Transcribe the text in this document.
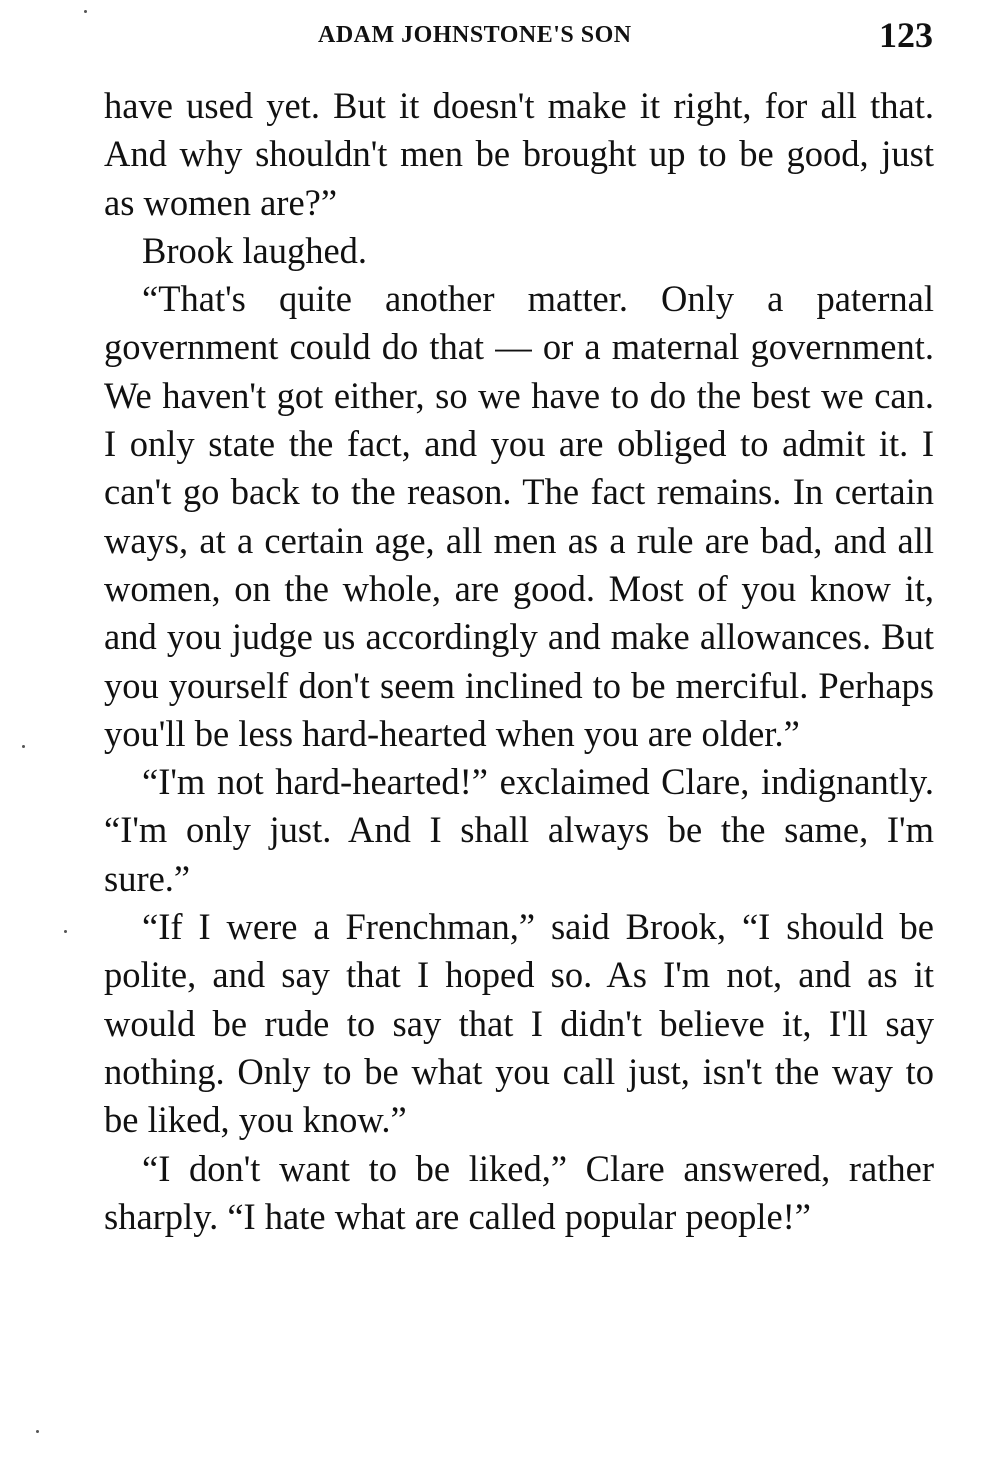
ADAM JOHNSTONE'S SON	123

have used yet. But it doesn't make it right, for all that. And why shouldn't men be brought up to be good, just as women are?”

Brook laughed.

“That's quite another matter. Only a paternal government could do that — or a maternal government. We haven't got either, so we have to do the best we can. I only state the fact, and you are obliged to admit it. I can't go back to the reason. The fact remains. In certain ways, at a certain age, all men as a rule are bad, and all women, on the whole, are good. Most of you know it, and you judge us accordingly and make allowances. But you yourself don't seem inclined to be merciful. Perhaps you'll be less hard-hearted when you are older.”

“I'm not hard-hearted!” exclaimed Clare, indignantly. “I'm only just. And I shall always be the same, I'm sure.”

“If I were a Frenchman,” said Brook, “I should be polite, and say that I hoped so. As I'm not, and as it would be rude to say that I didn't believe it, I'll say nothing. Only to be what you call just, isn't the way to be liked, you know.”

“I don't want to be liked,” Clare answered, rather sharply. “I hate what are called popular people!”
